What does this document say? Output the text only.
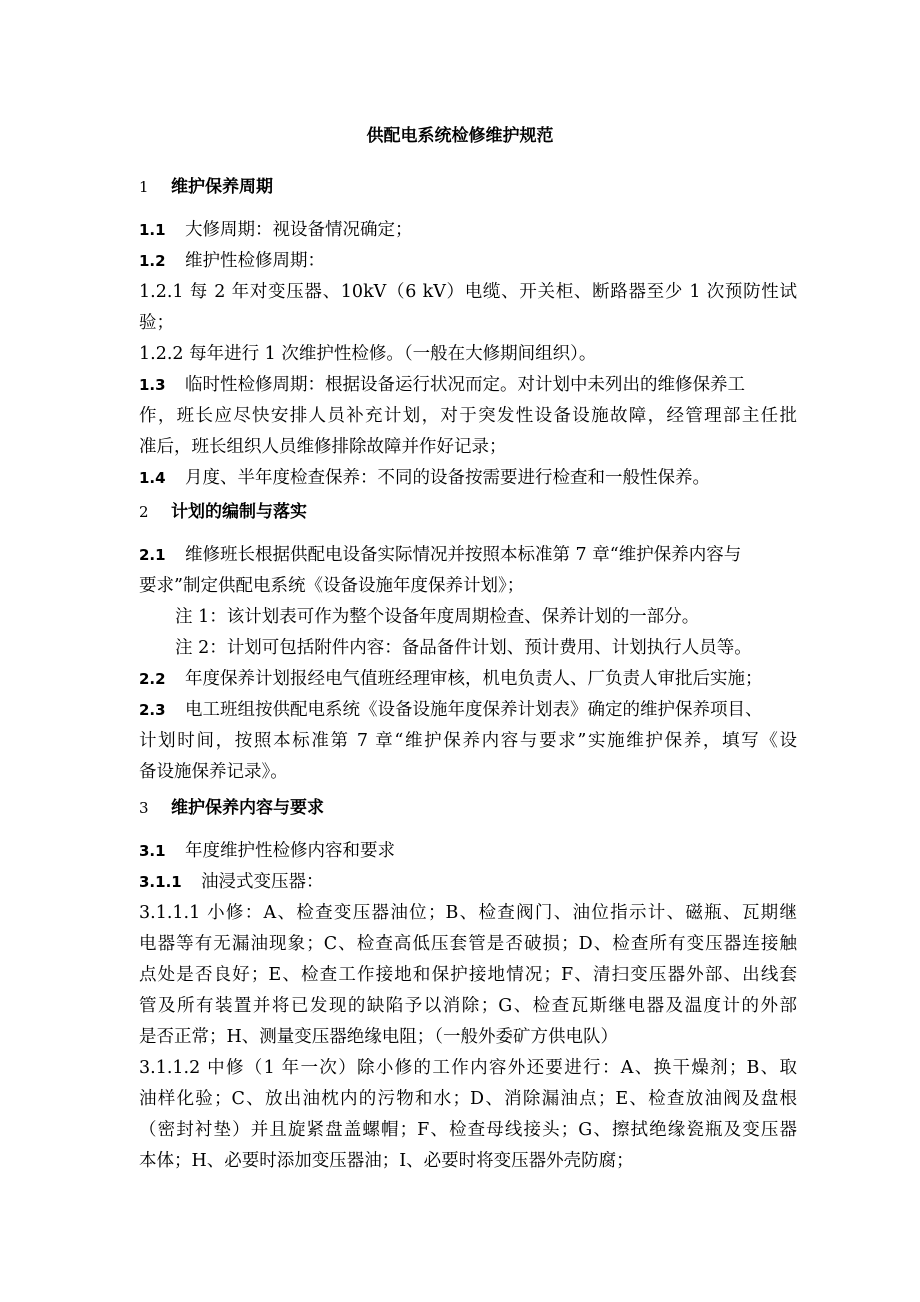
供配电系统检修维护规范
1 维护保养周期
1.1 大修周期：视设备情况确定；
1.2 维护性检修周期：
1.2.1 每 2 年对变压器、10kV（6 kV）电缆、开关柜、断路器至少 1 次预防性试
验；
1.2.2 每年进行 1 次维护性检修。（一般在大修期间组织）。
1.3 临时性检修周期：根据设备运行状况而定。对计划中未列出的维修保养工
作，班长应尽快安排人员补充计划，对于突发性设备设施故障，经管理部主任批
准后，班长组织人员维修排除故障并作好记录；
1.4 月度、半年度检查保养：不同的设备按需要进行检查和一般性保养。
2 计划的编制与落实
2.1 维修班长根据供配电设备实际情况并按照本标准第 7 章“维护保养内容与
要求”制定供配电系统《设备设施年度保养计划》；
注 1：该计划表可作为整个设备年度周期检查、保养计划的一部分。
注 2：计划可包括附件内容：备品备件计划、预计费用、计划执行人员等。
2.2 年度保养计划报经电气值班经理审核，机电负责人、厂负责人审批后实施；
2.3 电工班组按供配电系统《设备设施年度保养计划表》确定的维护保养项目、
计划时间，按照本标准第 7 章“维护保养内容与要求”实施维护保养，填写《设
备设施保养记录》。
3 维护保养内容与要求
3.1 年度维护性检修内容和要求
3.1.1 油浸式变压器：
3.1.1.1 小修：A、检查变压器油位；B、检查阀门、油位指示计、磁瓶、瓦期继
电器等有无漏油现象；C、检查高低压套管是否破损；D、检查所有变压器连接触
点处是否良好；E、检查工作接地和保护接地情况；F、清扫变压器外部、出线套
管及所有装置并将已发现的缺陷予以消除；G、检查瓦斯继电器及温度计的外部
是否正常；H、测量变压器绝缘电阻；（一般外委矿方供电队）
3.1.1.2 中修（1 年一次）除小修的工作内容外还要进行：A、换干燥剂；B、取
油样化验；C、放出油枕内的污物和水；D、消除漏油点；E、检查放油阀及盘根
（密封衬垫）并且旋紧盘盖螺帽；F、检查母线接头；G、擦拭绝缘瓷瓶及变压器
本体；H、必要时添加变压器油；I、必要时将变压器外壳防腐；
